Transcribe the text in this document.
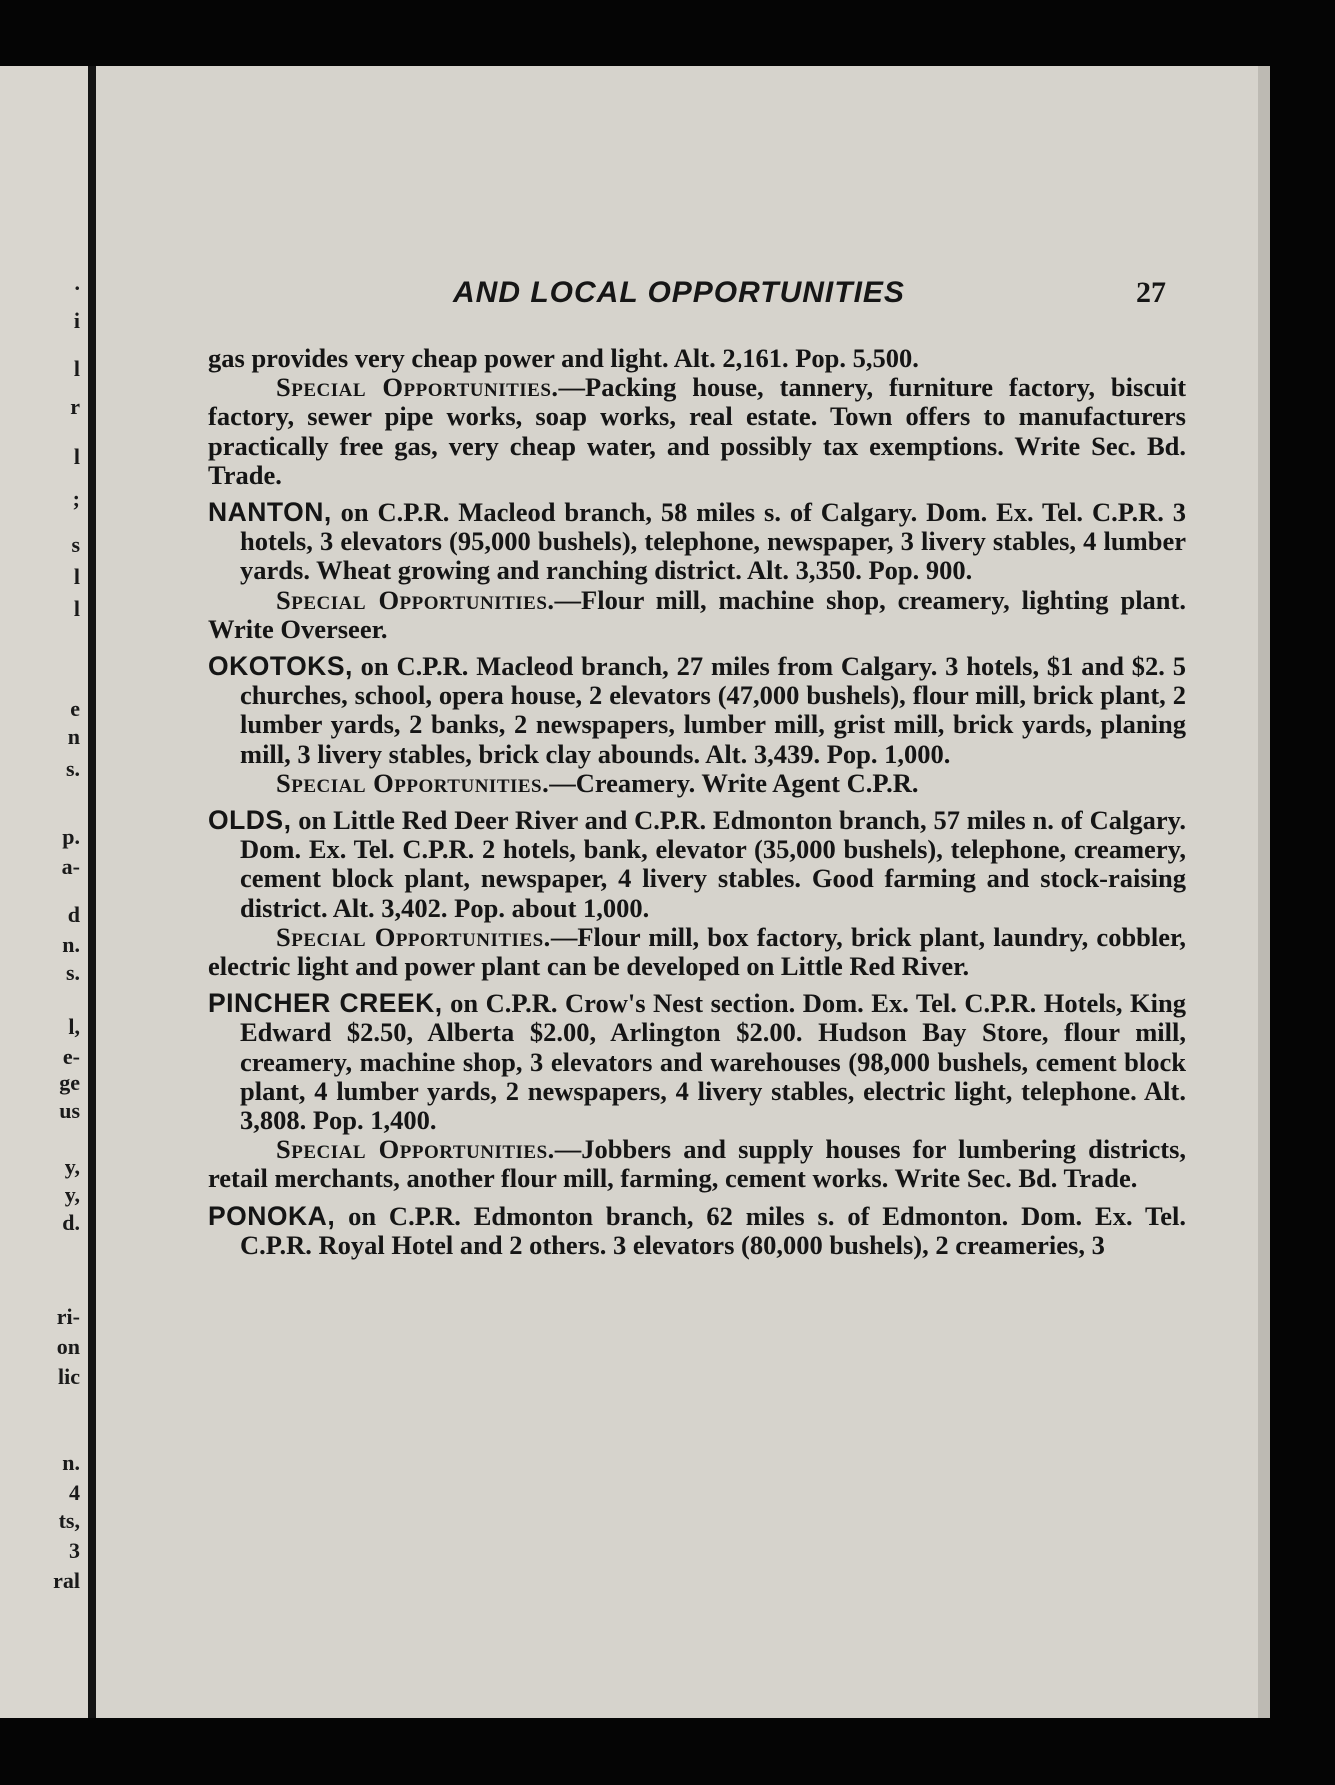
.
i
l
r
l
;
s
l
l
e
n
s.
p.
a-
d
n.
s.
l,
e-
ge
us
y,
y,
d.
ri-
on
lic
n.
4
ts,
3
ral
AND LOCAL OPPORTUNITIES	27

gas provides very cheap power and light. Alt. 2,161. Pop. 5,500.

Special Opportunities.—Packing house, tannery, furniture factory, biscuit factory, sewer pipe works, soap works, real estate. Town offers to manufacturers practically free gas, very cheap water, and possibly tax exemptions. Write Sec. Bd. Trade.

NANTON, on C.P.R. Macleod branch, 58 miles s. of Calgary. Dom. Ex. Tel. C.P.R. 3 hotels, 3 elevators (95,000 bushels), telephone, newspaper, 3 livery stables, 4 lumber yards. Wheat growing and ranching district. Alt. 3,350. Pop. 900.

Special Opportunities.—Flour mill, machine shop, creamery, lighting plant. Write Overseer.

OKOTOKS, on C.P.R. Macleod branch, 27 miles from Calgary. 3 hotels, $1 and $2. 5 churches, school, opera house, 2 elevators (47,000 bushels), flour mill, brick plant, 2 lumber yards, 2 banks, 2 newspapers, lumber mill, grist mill, brick yards, planing mill, 3 livery stables, brick clay abounds. Alt. 3,439. Pop. 1,000.

Special Opportunities.—Creamery. Write Agent C.P.R.

OLDS, on Little Red Deer River and C.P.R. Edmonton branch, 57 miles n. of Calgary. Dom. Ex. Tel. C.P.R. 2 hotels, bank, elevator (35,000 bushels), telephone, creamery, cement block plant, newspaper, 4 livery stables. Good farming and stock-raising district. Alt. 3,402. Pop. about 1,000.

Special Opportunities.—Flour mill, box factory, brick plant, laundry, cobbler, electric light and power plant can be developed on Little Red River.

PINCHER CREEK, on C.P.R. Crow's Nest section. Dom. Ex. Tel. C.P.R. Hotels, King Edward $2.50, Alberta $2.00, Arlington $2.00. Hudson Bay Store, flour mill, creamery, machine shop, 3 elevators and warehouses (98,000 bushels, cement block plant, 4 lumber yards, 2 newspapers, 4 livery stables, electric light, telephone. Alt. 3,808. Pop. 1,400.

Special Opportunities.—Jobbers and supply houses for lumbering districts, retail merchants, another flour mill, farming, cement works. Write Sec. Bd. Trade.

PONOKA, on C.P.R. Edmonton branch, 62 miles s. of Edmonton. Dom. Ex. Tel. C.P.R. Royal Hotel and 2 others. 3 elevators (80,000 bushels), 2 creameries, 3
